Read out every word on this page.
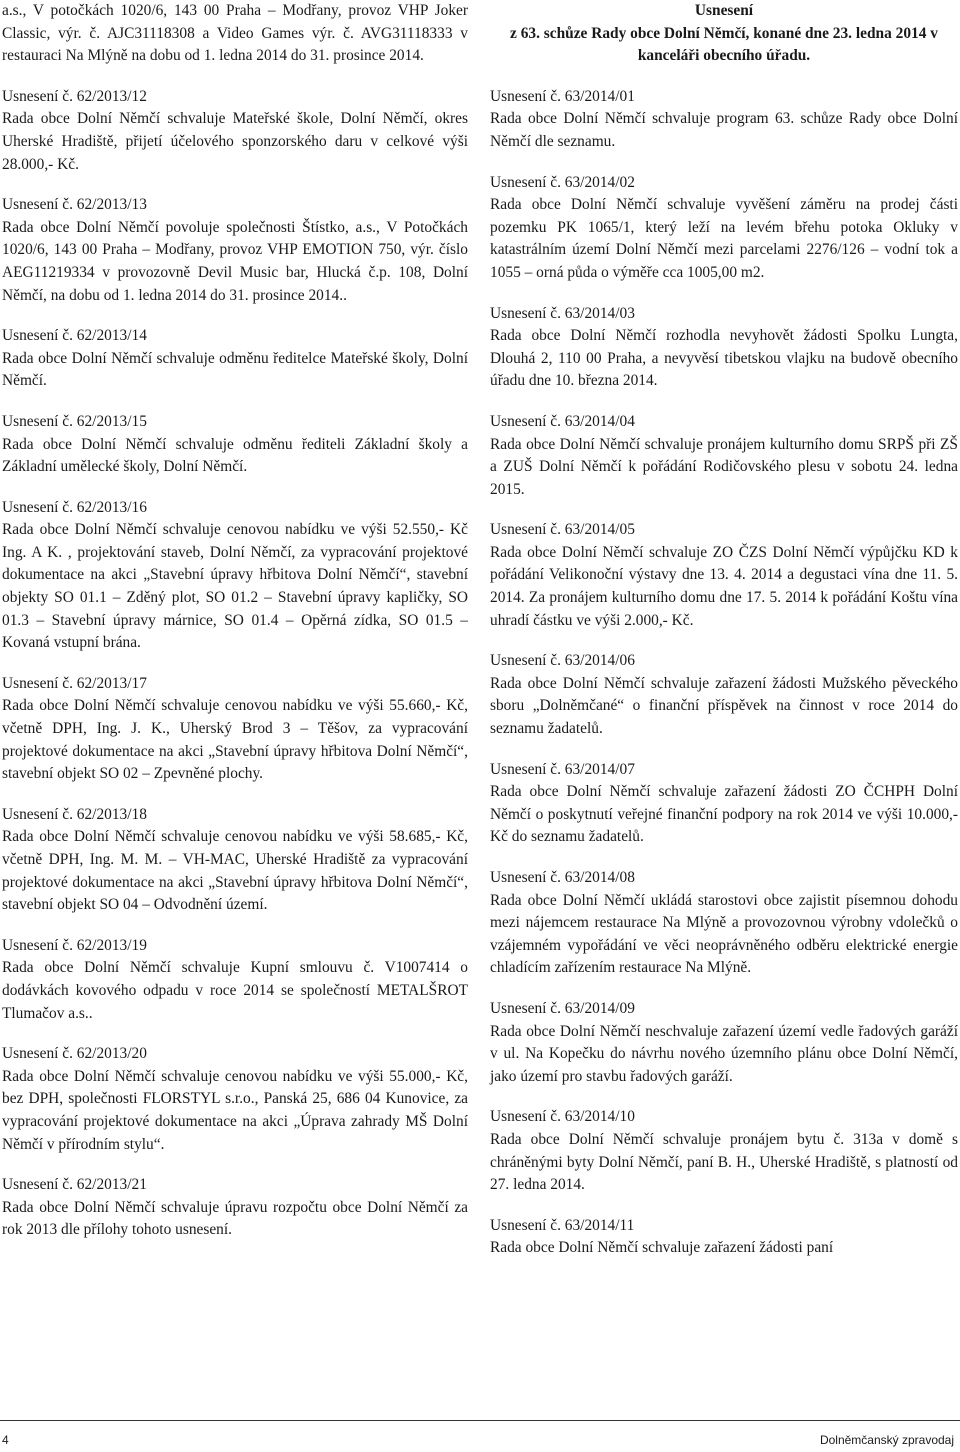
a.s., V potočkách 1020/6, 143 00 Praha – Modřany, provoz VHP Joker Classic, výr. č. AJC31118308 a Video Games výr. č. AVG31118333 v restauraci Na Mlýně na dobu od 1. ledna 2014 do 31. prosince 2014.

Usnesení č. 62/2013/12

Rada obce Dolní Němčí schvaluje Mateřské škole, Dolní Němčí, okres Uherské Hradiště, přijetí účelového sponzorského daru v celkové výši 28.000,- Kč.

Usnesení č. 62/2013/13

Rada obce Dolní Němčí povoluje společnosti Štístko, a.s., V Potočkách 1020/6, 143 00 Praha – Modřany, provoz VHP EMOTION 750, výr. číslo AEG11219334 v provozovně Devil Music bar, Hlucká č.p. 108, Dolní Němčí, na dobu od 1. ledna 2014 do 31. prosince 2014..

Usnesení č. 62/2013/14

Rada obce Dolní Němčí schvaluje odměnu ředitelce Mateřské školy, Dolní Němčí.

Usnesení č. 62/2013/15

Rada obce Dolní Němčí schvaluje odměnu řediteli Základní školy a Základní umělecké školy, Dolní Němčí.

Usnesení č. 62/2013/16

Rada obce Dolní Němčí schvaluje cenovou nabídku ve výši 52.550,- Kč Ing. A K. , projektování staveb, Dolní Němčí, za vypracování projektové dokumentace na akci „Stavební úpravy hřbitova Dolní Němčí“, stavební objekty SO 01.1 – Zděný plot, SO 01.2 – Stavební úpravy kapličky, SO 01.3 – Stavební úpravy márnice, SO 01.4 – Opěrná zídka, SO 01.5 – Kovaná vstupní brána.

Usnesení č. 62/2013/17

Rada obce Dolní Němčí schvaluje cenovou nabídku ve výši 55.660,- Kč, včetně DPH, Ing. J. K., Uherský Brod 3 – Těšov, za vypracování projektové dokumentace na akci „Stavební úpravy hřbitova Dolní Němčí“, stavební objekt SO 02 – Zpevněné plochy.

Usnesení č. 62/2013/18

Rada obce Dolní Němčí schvaluje cenovou nabídku ve výši 58.685,- Kč, včetně DPH, Ing. M. M. – VH-MAC, Uherské Hradiště za vypracování projektové dokumentace na akci „Stavební úpravy hřbitova Dolní Němčí“, stavební objekt SO 04 – Odvodnění území.

Usnesení č. 62/2013/19

Rada obce Dolní Němčí schvaluje Kupní smlouvu č. V1007414 o dodávkách kovového odpadu v roce 2014 se společností METALŠROT Tlumačov a.s..

Usnesení č. 62/2013/20

Rada obce Dolní Němčí schvaluje cenovou nabídku ve výši 55.000,- Kč, bez DPH, společnosti FLORSTYL s.r.o., Panská 25, 686 04 Kunovice, za vypracování projektové dokumentace na akci „Úprava zahrady MŠ Dolní Němčí v přírodním stylu“.

Usnesení č. 62/2013/21

Rada obce Dolní Němčí schvaluje úpravu rozpočtu obce Dolní Němčí za rok 2013 dle přílohy tohoto usnesení.

Usnesení

z 63. schůze Rady obce Dolní Němčí, konané dne 23. ledna 2014 v kanceláři obecního úřadu.

Usnesení č. 63/2014/01

Rada obce Dolní Němčí schvaluje program 63. schůze Rady obce Dolní Němčí dle seznamu.

Usnesení č. 63/2014/02

Rada obce Dolní Němčí schvaluje vyvěšení záměru na prodej části pozemku PK 1065/1, který leží na levém břehu potoka Okluky v katastrálním území Dolní Němčí mezi parcelami 2276/126 – vodní tok a 1055 – orná půda o výměře cca 1005,00 m2.

Usnesení č. 63/2014/03

Rada obce Dolní Němčí rozhodla nevyhovět žádosti Spolku Lungta, Dlouhá 2, 110 00 Praha, a nevyvěsí tibetskou vlajku na budově obecního úřadu dne 10. března 2014.

Usnesení č. 63/2014/04

Rada obce Dolní Němčí schvaluje pronájem kulturního domu SRPŠ při ZŠ a ZUŠ Dolní Němčí k pořádání Rodičovského plesu v sobotu 24. ledna 2015.

Usnesení č. 63/2014/05

Rada obce Dolní Němčí schvaluje ZO ČZS Dolní Němčí výpůjčku KD k pořádání Velikonoční výstavy dne 13. 4. 2014 a degustaci vína dne 11. 5. 2014. Za pronájem kulturního domu dne 17. 5. 2014 k pořádání Koštu vína uhradí částku ve výši 2.000,- Kč.

Usnesení č. 63/2014/06

Rada obce Dolní Němčí schvaluje zařazení žádosti Mužského pěveckého sboru „Dolněmčané“ o finanční příspěvek na činnost v roce 2014 do seznamu žadatelů.

Usnesení č. 63/2014/07

Rada obce Dolní Němčí schvaluje zařazení žádosti ZO ČCHPH Dolní Němčí o poskytnutí veřejné finanční podpory na rok 2014 ve výši 10.000,- Kč do seznamu žadatelů.

Usnesení č. 63/2014/08

Rada obce Dolní Němčí ukládá starostovi obce zajistit písemnou dohodu mezi nájemcem restaurace Na Mlýně a provozovnou výrobny vdolečků o vzájemném vypořádání ve věci neoprávněného odběru elektrické energie chladícím zařízením restaurace Na Mlýně.

Usnesení č. 63/2014/09

Rada obce Dolní Němčí neschvaluje zařazení území vedle řadových garáží v ul. Na Kopečku do návrhu nového územního plánu obce Dolní Němčí, jako území pro stavbu řadových garáží.

Usnesení č. 63/2014/10

Rada obce Dolní Němčí schvaluje pronájem bytu č. 313a v domě s chráněnými byty Dolní Němčí, paní B. H., Uherské Hradiště, s platností od 27. ledna 2014.

Usnesení č. 63/2014/11

Rada obce Dolní Němčí schvaluje zařazení žádosti paní

4	Dolněmčanský zpravodaj
